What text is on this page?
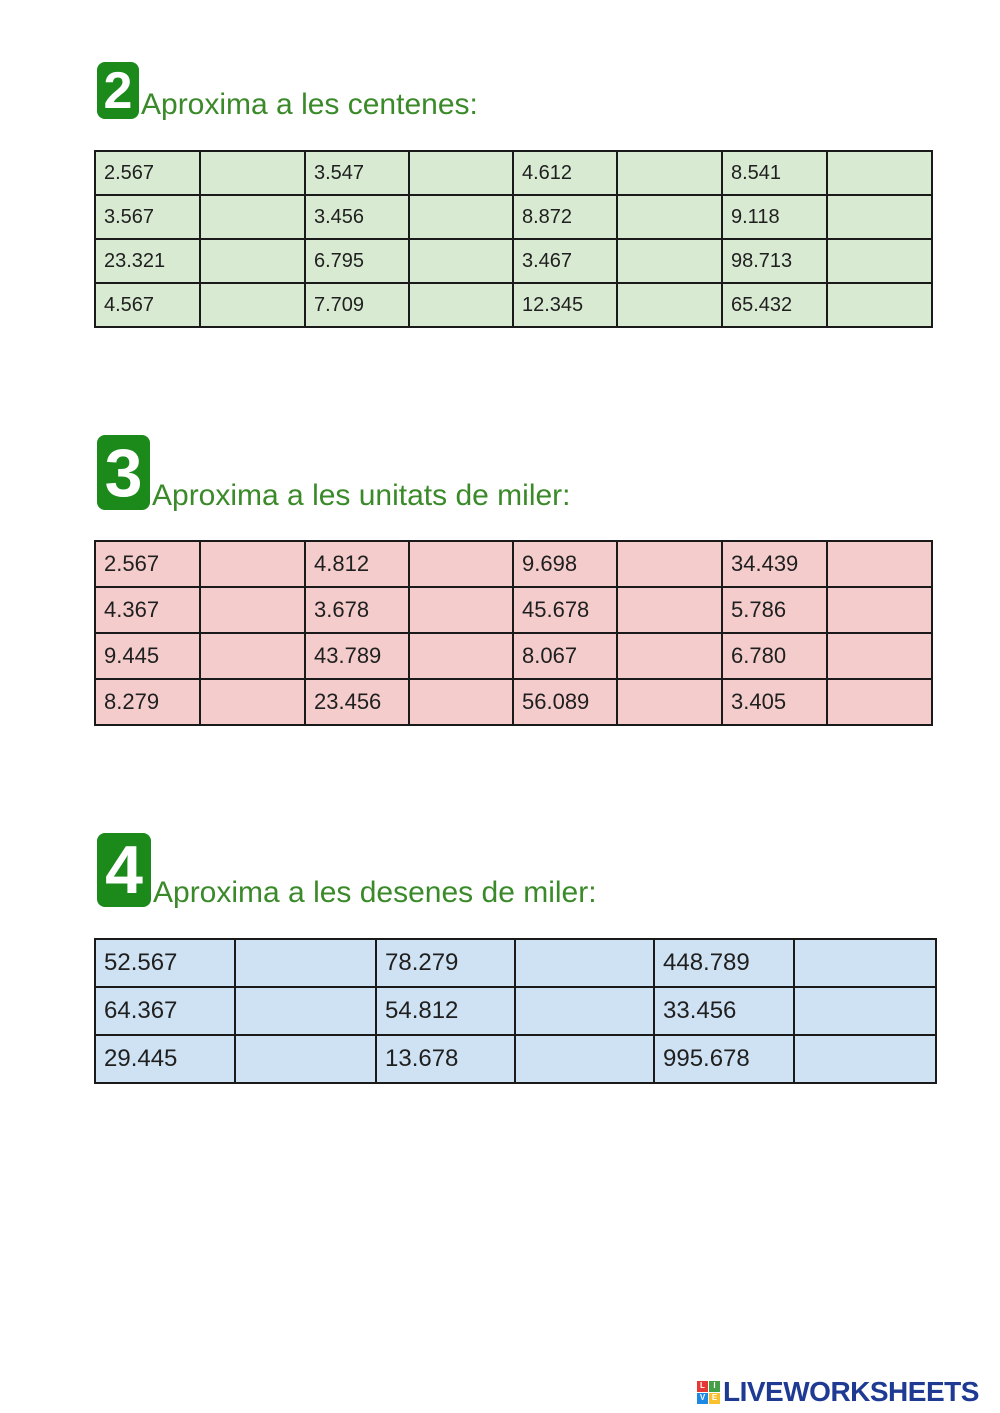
2 Aproxima a les centenes:
2.567		3.547		4.612		8.541	
3.567		3.456		8.872		9.118	
23.321		6.795		3.467		98.713	
4.567		7.709		12.345		65.432	
3 Aproxima a les unitats de miler:
2.567		4.812		9.698		34.439	
4.367		3.678		45.678		5.786	
9.445		43.789		8.067		6.780	
8.279		23.456		56.089		3.405	
4 Aproxima a les desenes de miler:
52.567		78.279		448.789	
64.367		54.812		33.456	
29.445		13.678		995.678	
L	I
V E LIVEWORKSHEETS
